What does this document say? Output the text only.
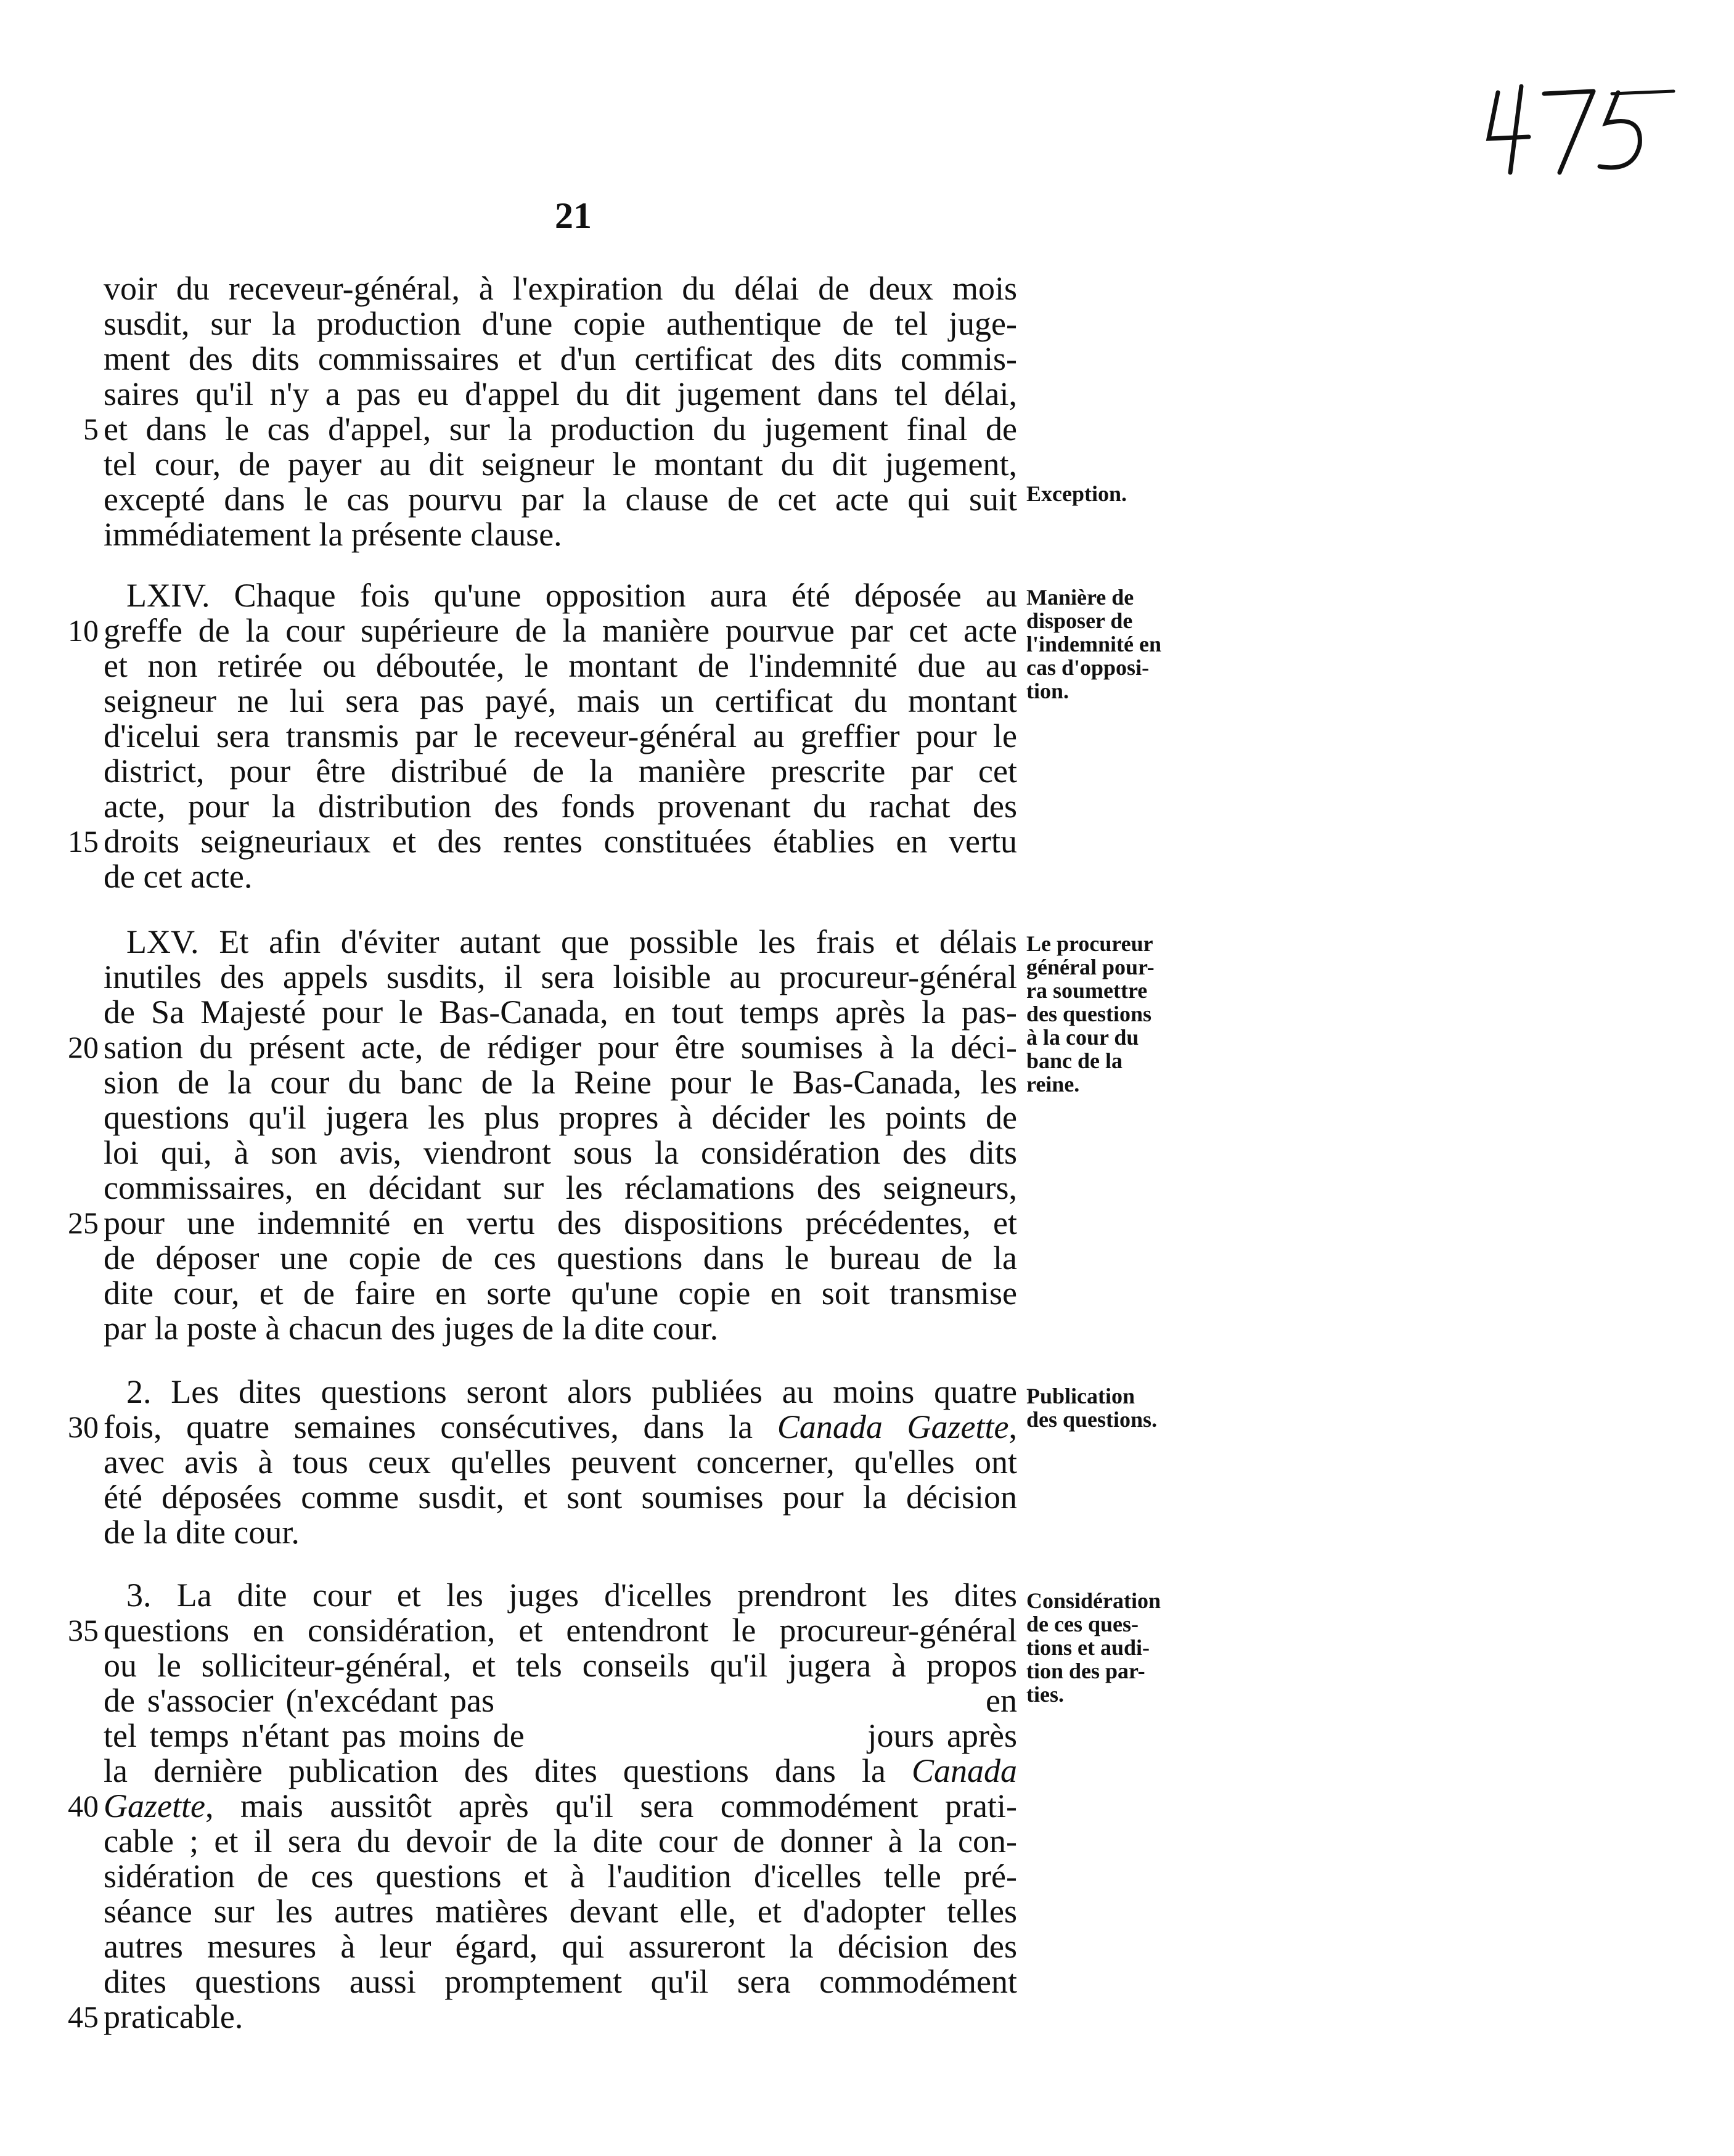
21
voir du receveur-général, à l'expiration du délai de deux mois
susdit, sur la production d'une copie authentique de tel juge-
ment des dits commissaires et d'un certificat des dits commis-
saires qu'il n'y a pas eu d'appel du dit jugement dans tel délai,
5 et dans le cas d'appel, sur la production du jugement final de
tel cour, de payer au dit seigneur le montant du dit jugement,
excepté dans le cas pourvu par la clause de cet acte qui suit
immédiatement la présente clause.
Exception.
LXIV. Chaque fois qu'une opposition aura été déposée au
10 greffe de la cour supérieure de la manière pourvue par cet acte
et non retirée ou déboutée, le montant de l'indemnité due au
seigneur ne lui sera pas payé, mais un certificat du montant
d'icelui sera transmis par le receveur-général au greffier pour le
district, pour être distribué de la manière prescrite par cet
acte, pour la distribution des fonds provenant du rachat des
15 droits seigneuriaux et des rentes constituées établies en vertu
de cet acte.
Manière de
disposer de
l'indemnité en
cas d'opposi-
tion.
LXV. Et afin d'éviter autant que possible les frais et délais
inutiles des appels susdits, il sera loisible au procureur-général
de Sa Majesté pour le Bas-Canada, en tout temps après la pas-
20 sation du présent acte, de rédiger pour être soumises à la déci-
sion de la cour du banc de la Reine pour le Bas-Canada, les
questions qu'il jugera les plus propres à décider les points de
loi qui, à son avis, viendront sous la considération des dits
commissaires, en décidant sur les réclamations des seigneurs,
25 pour une indemnité en vertu des dispositions précédentes, et
de déposer une copie de ces questions dans le bureau de la
dite cour, et de faire en sorte qu'une copie en soit transmise
par la poste à chacun des juges de la dite cour.
Le procureur
général pour-
ra soumettre
des questions
à la cour du
banc de la
reine.
2. Les dites questions seront alors publiées au moins quatre
30 fois, quatre semaines consécutives, dans la Canada Gazette,
avec avis à tous ceux qu'elles peuvent concerner, qu'elles ont
été déposées comme susdit, et sont soumises pour la décision
de la dite cour.
Publication
des questions.
3. La dite cour et les juges d'icelles prendront les dites
35 questions en considération, et entendront le procureur-général
ou le solliciteur-général, et tels conseils qu'il jugera à propos
de s'associer (n'excédant pas                                        en
tel temps n'étant pas moins de                           jours après
la dernière publication des dites questions dans la Canada
40 Gazette, mais aussitôt après qu'il sera commodément prati-
cable ; et il sera du devoir de la dite cour de donner à la con-
sidération de ces questions et à l'audition d'icelles telle pré-
séance sur les autres matières devant elle, et d'adopter telles
autres mesures à leur égard, qui assureront la décision des
dites questions aussi promptement qu'il sera commodément
45 praticable.
Considération
de ces ques-
tions et audi-
tion des par-
ties.
